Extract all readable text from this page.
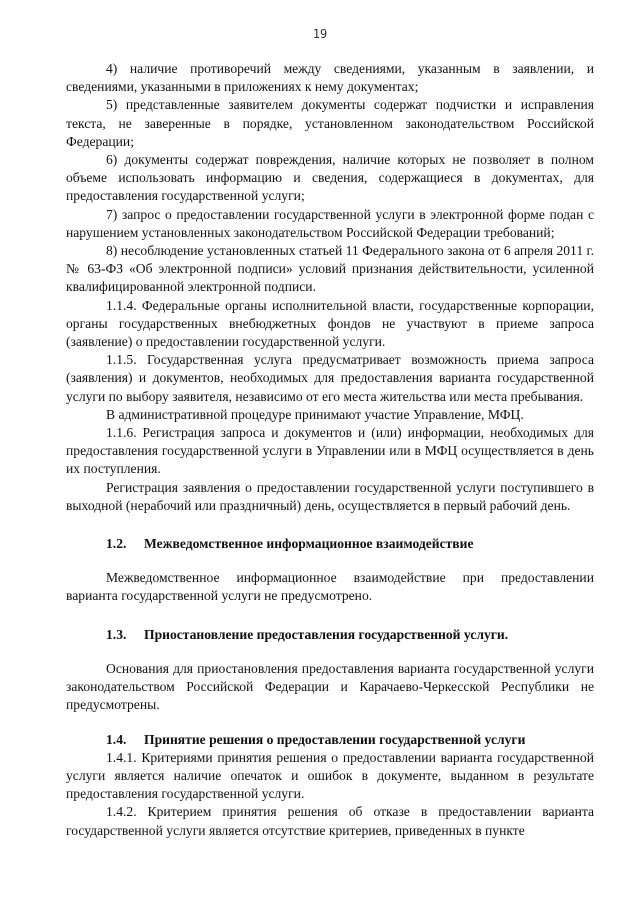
19

4) наличие противоречий между сведениями, указанным в заявлении, и сведениями, указанными в приложениях к нему документах;

5) представленные заявителем документы содержат подчистки и исправления текста, не заверенные в порядке, установленном законодательством Российской Федерации;

6) документы содержат повреждения, наличие которых не позволяет в полном объеме использовать информацию и сведения, содержащиеся в документах, для предоставления государственной услуги;

7) запрос о предоставлении государственной услуги в электронной форме подан с нарушением установленных законодательством Российской Федерации требований;

8) несоблюдение установленных статьей 11 Федерального закона от 6 апреля 2011 г. № 63-ФЗ «Об электронной подписи» условий признания действительности, усиленной квалифицированной электронной подписи.

1.1.4. Федеральные органы исполнительной власти, государственные корпорации, органы государственных внебюджетных фондов не участвуют в приеме запроса (заявление) о предоставлении государственной услуги.

1.1.5. Государственная услуга предусматривает возможность приема запроса (заявления) и документов, необходимых для предоставления варианта государственной услуги по выбору заявителя, независимо от его места жительства или места пребывания.

В административной процедуре принимают участие Управление, МФЦ.

1.1.6. Регистрация запроса и документов и (или) информации, необходимых для предоставления государственной услуги в Управлении или в МФЦ осуществляется в день их поступления.

Регистрация заявления о предоставлении государственной услуги поступившего в выходной (нерабочий или праздничный) день, осуществляется в первый рабочий день.

1.2.	Межведомственное информационное взаимодействие

Межведомственное информационное взаимодействие при предоставлении варианта государственной услуги не предусмотрено.

1.3.	Приостановление предоставления государственной услуги.

Основания для приостановления предоставления варианта государственной услуги законодательством Российской Федерации и Карачаево-Черкесской Республики не предусмотрены.

1.4.	Принятие решения о предоставлении государственной услуги

1.4.1. Критериями принятия решения о предоставлении варианта государственной услуги является наличие опечаток и ошибок в документе, выданном в результате предоставления государственной услуги.

1.4.2. Критерием принятия решения об отказе в предоставлении варианта государственной услуги является отсутствие критериев, приведенных в пункте
